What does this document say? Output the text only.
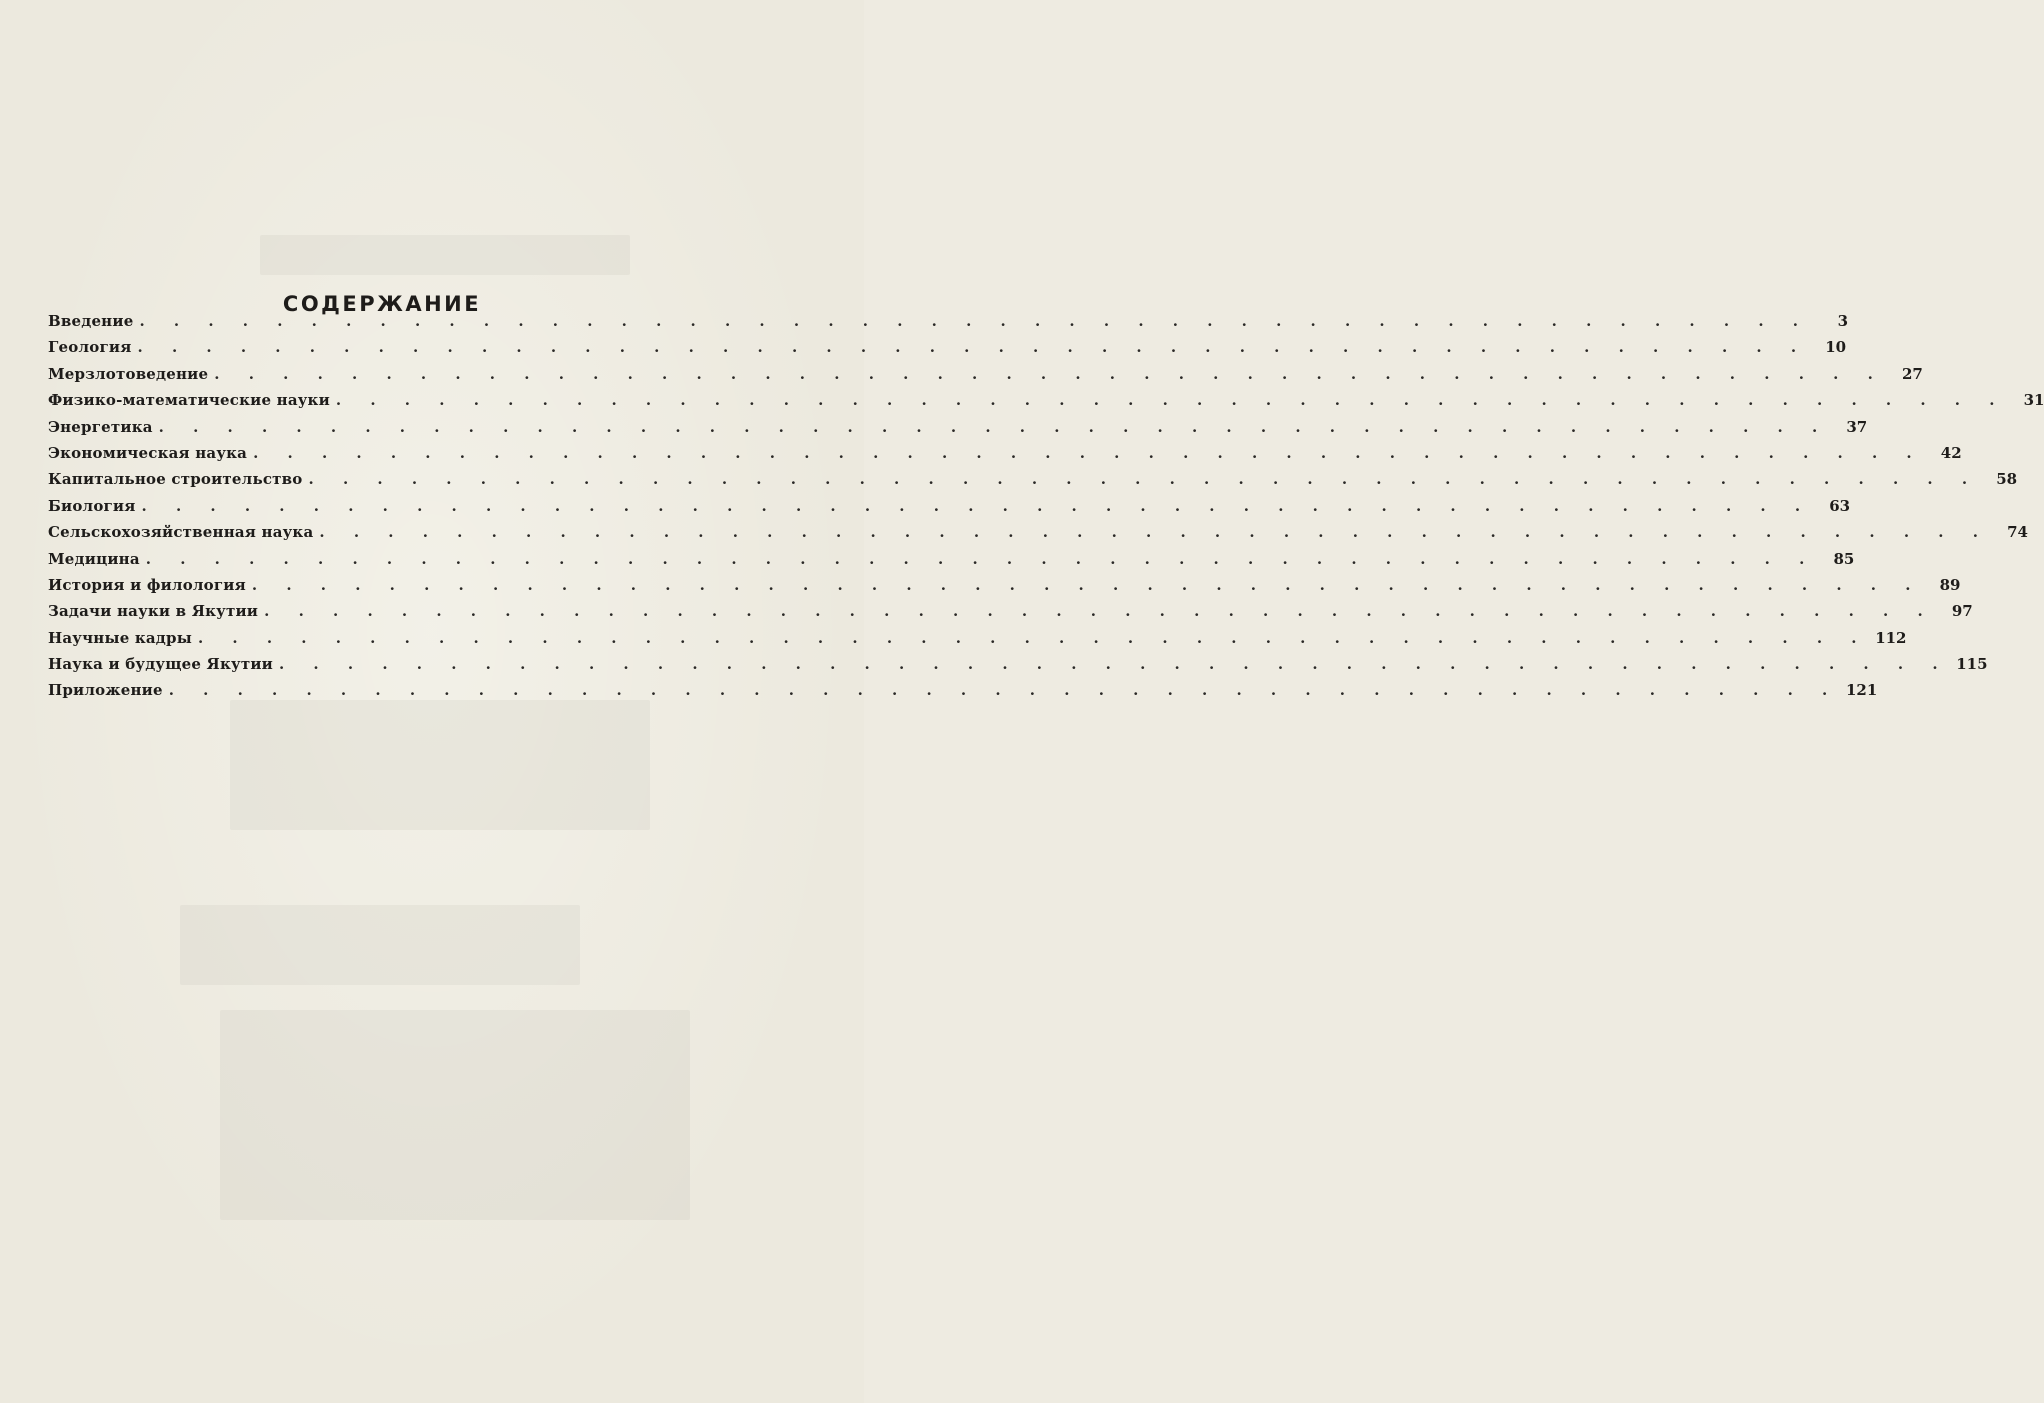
СОДЕРЖАНИЕ
Введение . . . . . . . . . . . . . . . . . . . . . . . . . . . . . . . . . . . . . . . . . . . . . . . . .	3
Геология . . . . . . . . . . . . . . . . . . . . . . . . . . . . . . . . . . . . . . . . . . . . . . . . .	10
Мерзлотоведение . . . . . . . . . . . . . . . . . . . . . . . . . . . . . . . . . . . . . . . . . . . . . . . . .	27
Физико-математические науки . . . . . . . . . . . . . . . . . . . . . . . . . . . . . . . . . . . . . . . . . . . . . . . . .	31
Энергетика . . . . . . . . . . . . . . . . . . . . . . . . . . . . . . . . . . . . . . . . . . . . . . . . .	37
Экономическая наука . . . . . . . . . . . . . . . . . . . . . . . . . . . . . . . . . . . . . . . . . . . . . . . . .	42
Капитальное строительство . . . . . . . . . . . . . . . . . . . . . . . . . . . . . . . . . . . . . . . . . . . . . . . . .	58
Биология . . . . . . . . . . . . . . . . . . . . . . . . . . . . . . . . . . . . . . . . . . . . . . . . .	63
Сельскохозяйственная наука . . . . . . . . . . . . . . . . . . . . . . . . . . . . . . . . . . . . . . . . . . . . . . . . .	74
Медицина . . . . . . . . . . . . . . . . . . . . . . . . . . . . . . . . . . . . . . . . . . . . . . . . .	85
История и филология . . . . . . . . . . . . . . . . . . . . . . . . . . . . . . . . . . . . . . . . . . . . . . . . .	89
Задачи науки в Якутии . . . . . . . . . . . . . . . . . . . . . . . . . . . . . . . . . . . . . . . . . . . . . . . . .	97
Научные кадры . . . . . . . . . . . . . . . . . . . . . . . . . . . . . . . . . . . . . . . . . . . . . . . . . 112
Наука и будущее Якутии . . . . . . . . . . . . . . . . . . . . . . . . . . . . . . . . . . . . . . . . . . . . . . . . . 115
Приложение . . . . . . . . . . . . . . . . . . . . . . . . . . . . . . . . . . . . . . . . . . . . . . . . . 121
